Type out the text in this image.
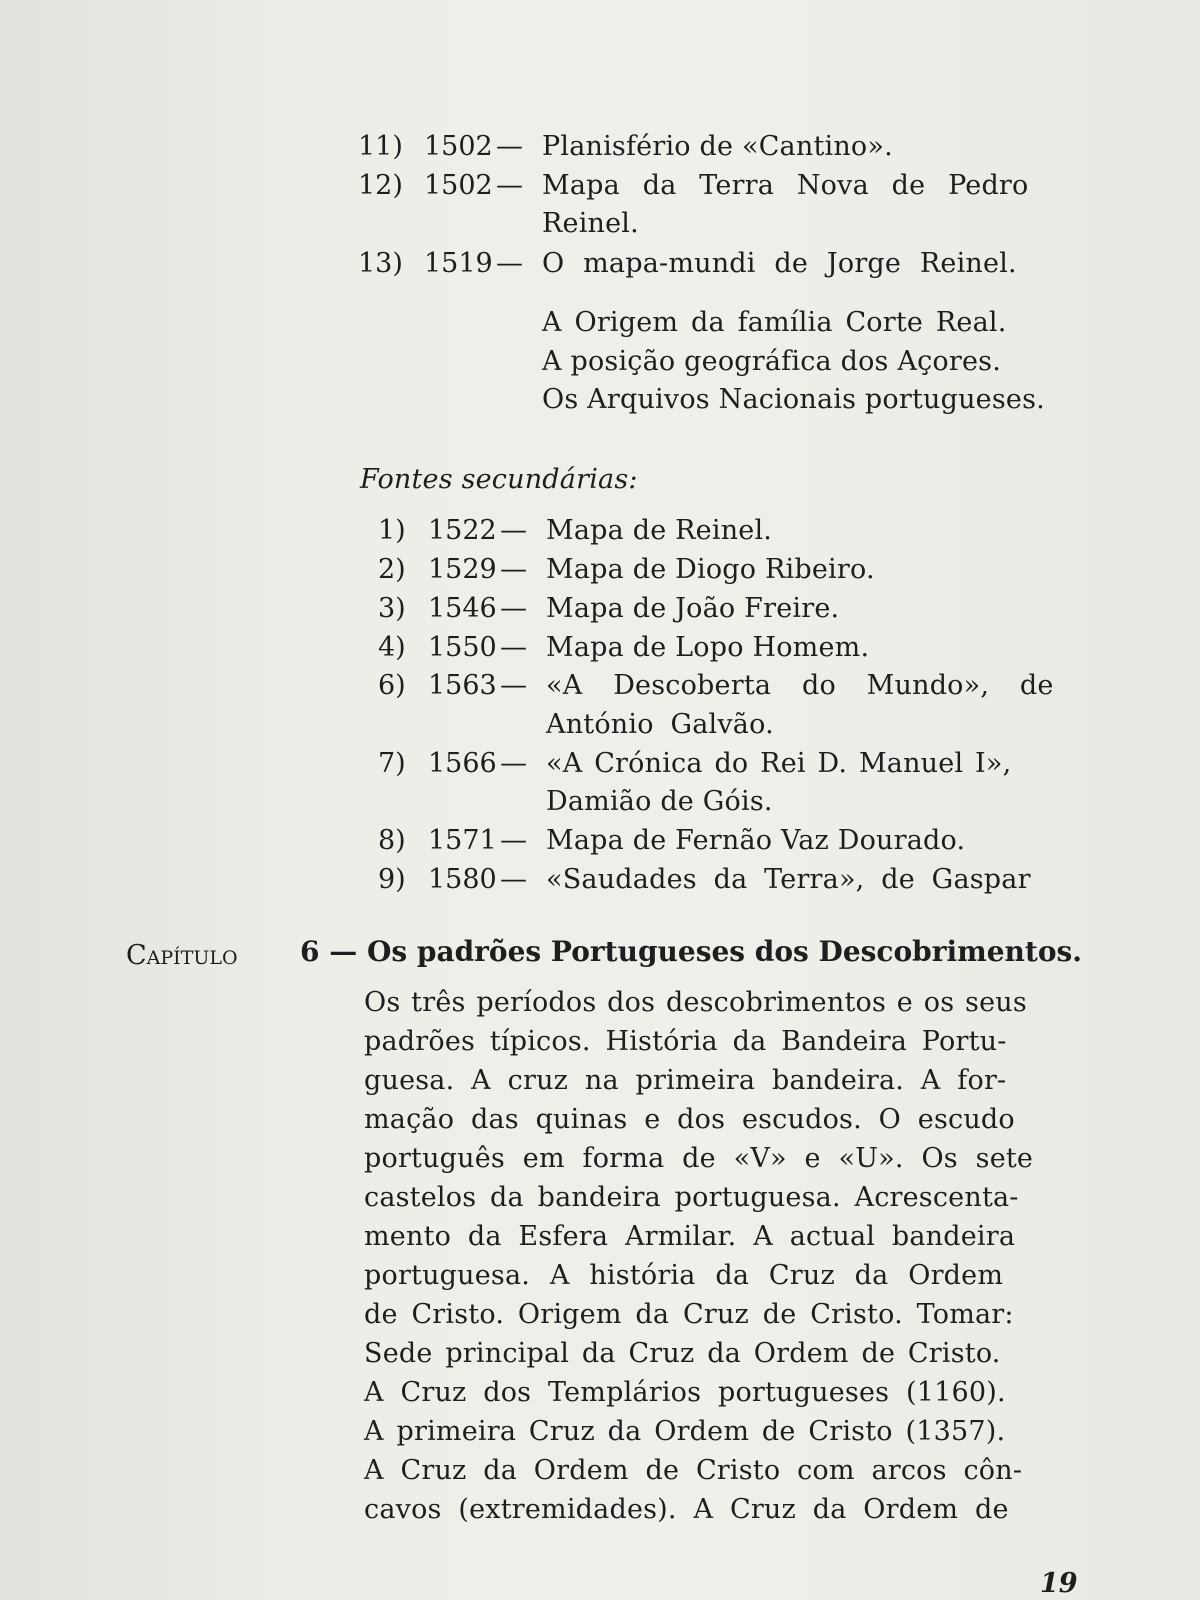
11) 1502 — Planisfério de «Cantino».
12) 1502 — Mapa da Terra Nova de Pedro
Reinel.
13) 1519 — O mapa-mundi de Jorge Reinel.
A Origem da família Corte Real.
A posição geográfica dos Açores.
Os Arquivos Nacionais portugueses.
Fontes secundárias:
1) 1522 — Mapa de Reinel.
2) 1529 — Mapa de Diogo Ribeiro.
3) 1546 — Mapa de João Freire.
4) 1550 — Mapa de Lopo Homem.
6) 1563 — «A Descoberta do Mundo», de
António Galvão.
7) 1566 — «A Crónica do Rei D. Manuel I»,
Damião de Góis.
8) 1571 — Mapa de Fernão Vaz Dourado.
9) 1580 — «Saudades da Terra», de Gaspar
Capítulo 6 — Os padrões Portugueses dos Descobrimentos.
Os três períodos dos descobrimentos e os seus
padrões típicos. História da Bandeira Portu-
guesa. A cruz na primeira bandeira. A for-
mação das quinas e dos escudos. O escudo
português em forma de «V» e «U». Os sete
castelos da bandeira portuguesa. Acrescenta-
mento da Esfera Armilar. A actual bandeira
portuguesa. A história da Cruz da Ordem
de Cristo. Origem da Cruz de Cristo. Tomar:
Sede principal da Cruz da Ordem de Cristo.
A Cruz dos Templários portugueses (1160).
A primeira Cruz da Ordem de Cristo (1357).
A Cruz da Ordem de Cristo com arcos côn-
cavos (extremidades). A Cruz da Ordem de
19
